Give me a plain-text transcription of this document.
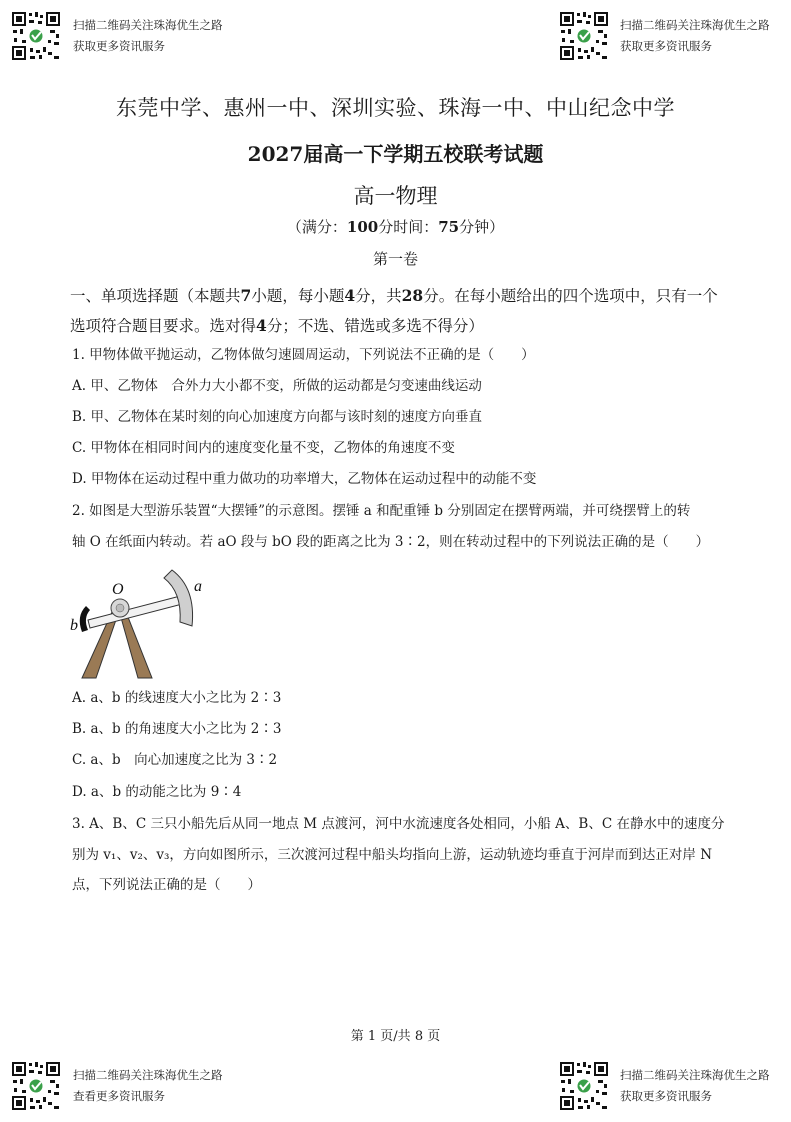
扫描二维码关注珠海优生之路
获取更多资讯服务
扫描二维码关注珠海优生之路
获取更多资讯服务
东莞中学、惠州一中、深圳实验、珠海一中、中山纪念中学
2027届高一下学期五校联考试题
高一物理
（满分：100分时间：75分钟）
第一卷
一、单项选择题（本题共7小题，每小题4分，共28分。在每小题给出的四个选项中，只有一个选项符合题目要求。选对得4分；不选、错选或多选不得分）
1. 甲物体做平抛运动，乙物体做匀速圆周运动，下列说法不正确的是（　　）
A. 甲、乙物体　合外力大小都不变，所做的运动都是匀变速曲线运动
B. 甲、乙物体在某时刻的向心加速度方向都与该时刻的速度方向垂直
C. 甲物体在相同时间内的速度变化量不变，乙物体的角速度不变
D. 甲物体在运动过程中重力做功的功率增大，乙物体在运动过程中的动能不变
2. 如图是大型游乐装置“大摆锤”的示意图。摆锤 a 和配重锤 b 分别固定在摆臂两端，并可绕摆臂上的转
轴 O 在纸面内转动。若 aO 段与 bO 段的距离之比为 3∶2，则在转动过程中的下列说法正确的是（　　）
O	a
b
A. a、b 的线速度大小之比为 2∶3
B. a、b 的角速度大小之比为 2∶3
C. a、b　向心加速度之比为 3∶2
D. a、b 的动能之比为 9∶4
3. A、B、C 三只小船先后从同一地点 M 点渡河，河中水流速度各处相同，小船 A、B、C 在静水中的速度分
别为 v₁、v₂、v₃，方向如图所示，三次渡河过程中船头均指向上游，运动轨迹均垂直于河岸而到达正对岸 N
点，下列说法正确的是（　　）
第 1 页/共 8 页
扫描二维码关注珠海优生之路
查看更多资讯服务
扫描二维码关注珠海优生之路
获取更多资讯服务
